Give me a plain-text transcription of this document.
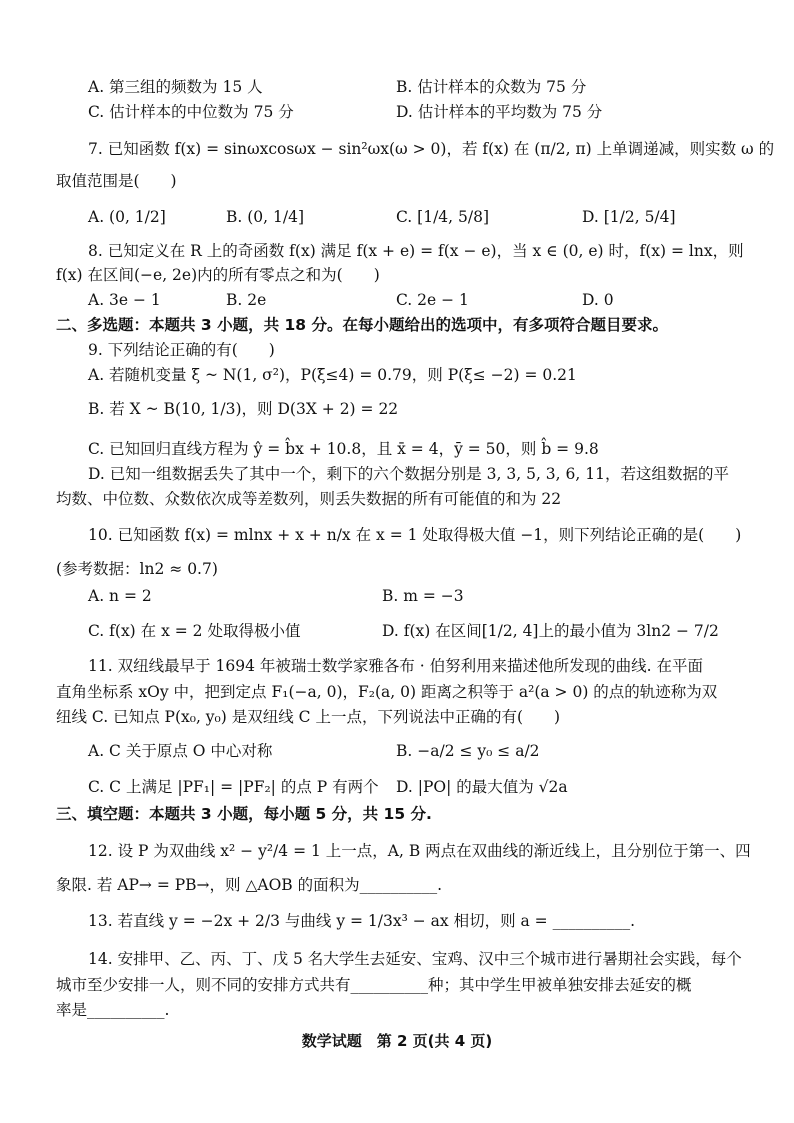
A. 第三组的频数为 15 人	B. 估计样本的众数为 75 分
C. 估计样本的中位数为 75 分	D. 估计样本的平均数为 75 分
7. 已知函数 f(x) = sinωxcosωx − sin²ωx(ω > 0)，若 f(x) 在 (π/2, π) 上单调递减，则实数 ω 的
取值范围是(　　)
A. (0, 1/2]	B. (0, 1/4]	C. [1/4, 5/8]	D. [1/2, 5/4]
8. 已知定义在 R 上的奇函数 f(x) 满足 f(x + e) = f(x − e)，当 x ∈ (0, e) 时，f(x) = lnx，则
f(x) 在区间(−e, 2e)内的所有零点之和为(　　)
A. 3e − 1	B. 2e	C. 2e − 1	D. 0
二、多选题：本题共 3 小题，共 18 分。在每小题给出的选项中，有多项符合题目要求。
9. 下列结论正确的有(　　)
A. 若随机变量 ξ ~ N(1, σ²)，P(ξ≤4) = 0.79，则 P(ξ≤ −2) = 0.21
B. 若 X ~ B(10, 1/3)，则 D(3X + 2) = 22
C. 已知回归直线方程为 ŷ = b̂x + 10.8，且 x̄ = 4，ȳ = 50，则 b̂ = 9.8
D. 已知一组数据丢失了其中一个，剩下的六个数据分别是 3, 3, 5, 3, 6, 11，若这组数据的平
均数、中位数、众数依次成等差数列，则丢失数据的所有可能值的和为 22
10. 已知函数 f(x) = mlnx + x + n/x 在 x = 1 处取得极大值 −1，则下列结论正确的是(　　)
(参考数据：ln2 ≈ 0.7)
A. n = 2	B. m = −3
C. f(x) 在 x = 2 处取得极小值	D. f(x) 在区间[1/2, 4]上的最小值为 3ln2 − 7/2
11. 双纽线最早于 1694 年被瑞士数学家雅各布 · 伯努利用来描述他所发现的曲线. 在平面
直角坐标系 xOy 中，把到定点 F₁(−a, 0)，F₂(a, 0) 距离之积等于 a²(a > 0) 的点的轨迹称为双
纽线 C. 已知点 P(x₀, y₀) 是双纽线 C 上一点，下列说法中正确的有(　　)
A. C 关于原点 O 中心对称	B. −a/2 ≤ y₀ ≤ a/2
C. C 上满足 |PF₁| = |PF₂| 的点 P 有两个 D. |PO| 的最大值为 √2a
三、填空题：本题共 3 小题，每小题 5 分，共 15 分.
12. 设 P 为双曲线 x² − y²/4 = 1 上一点，A, B 两点在双曲线的渐近线上，且分别位于第一、四
象限. 若 AP→ = PB→，则 △AOB 的面积为__________.
13. 若直线 y = −2x + 2/3 与曲线 y = 1/3x³ − ax 相切，则 a = __________.
14. 安排甲、乙、丙、丁、戊 5 名大学生去延安、宝鸡、汉中三个城市进行暑期社会实践，每个
城市至少安排一人，则不同的安排方式共有__________种；其中学生甲被单独安排去延安的概
率是__________.
数学试题　第 2 页(共 4 页)
